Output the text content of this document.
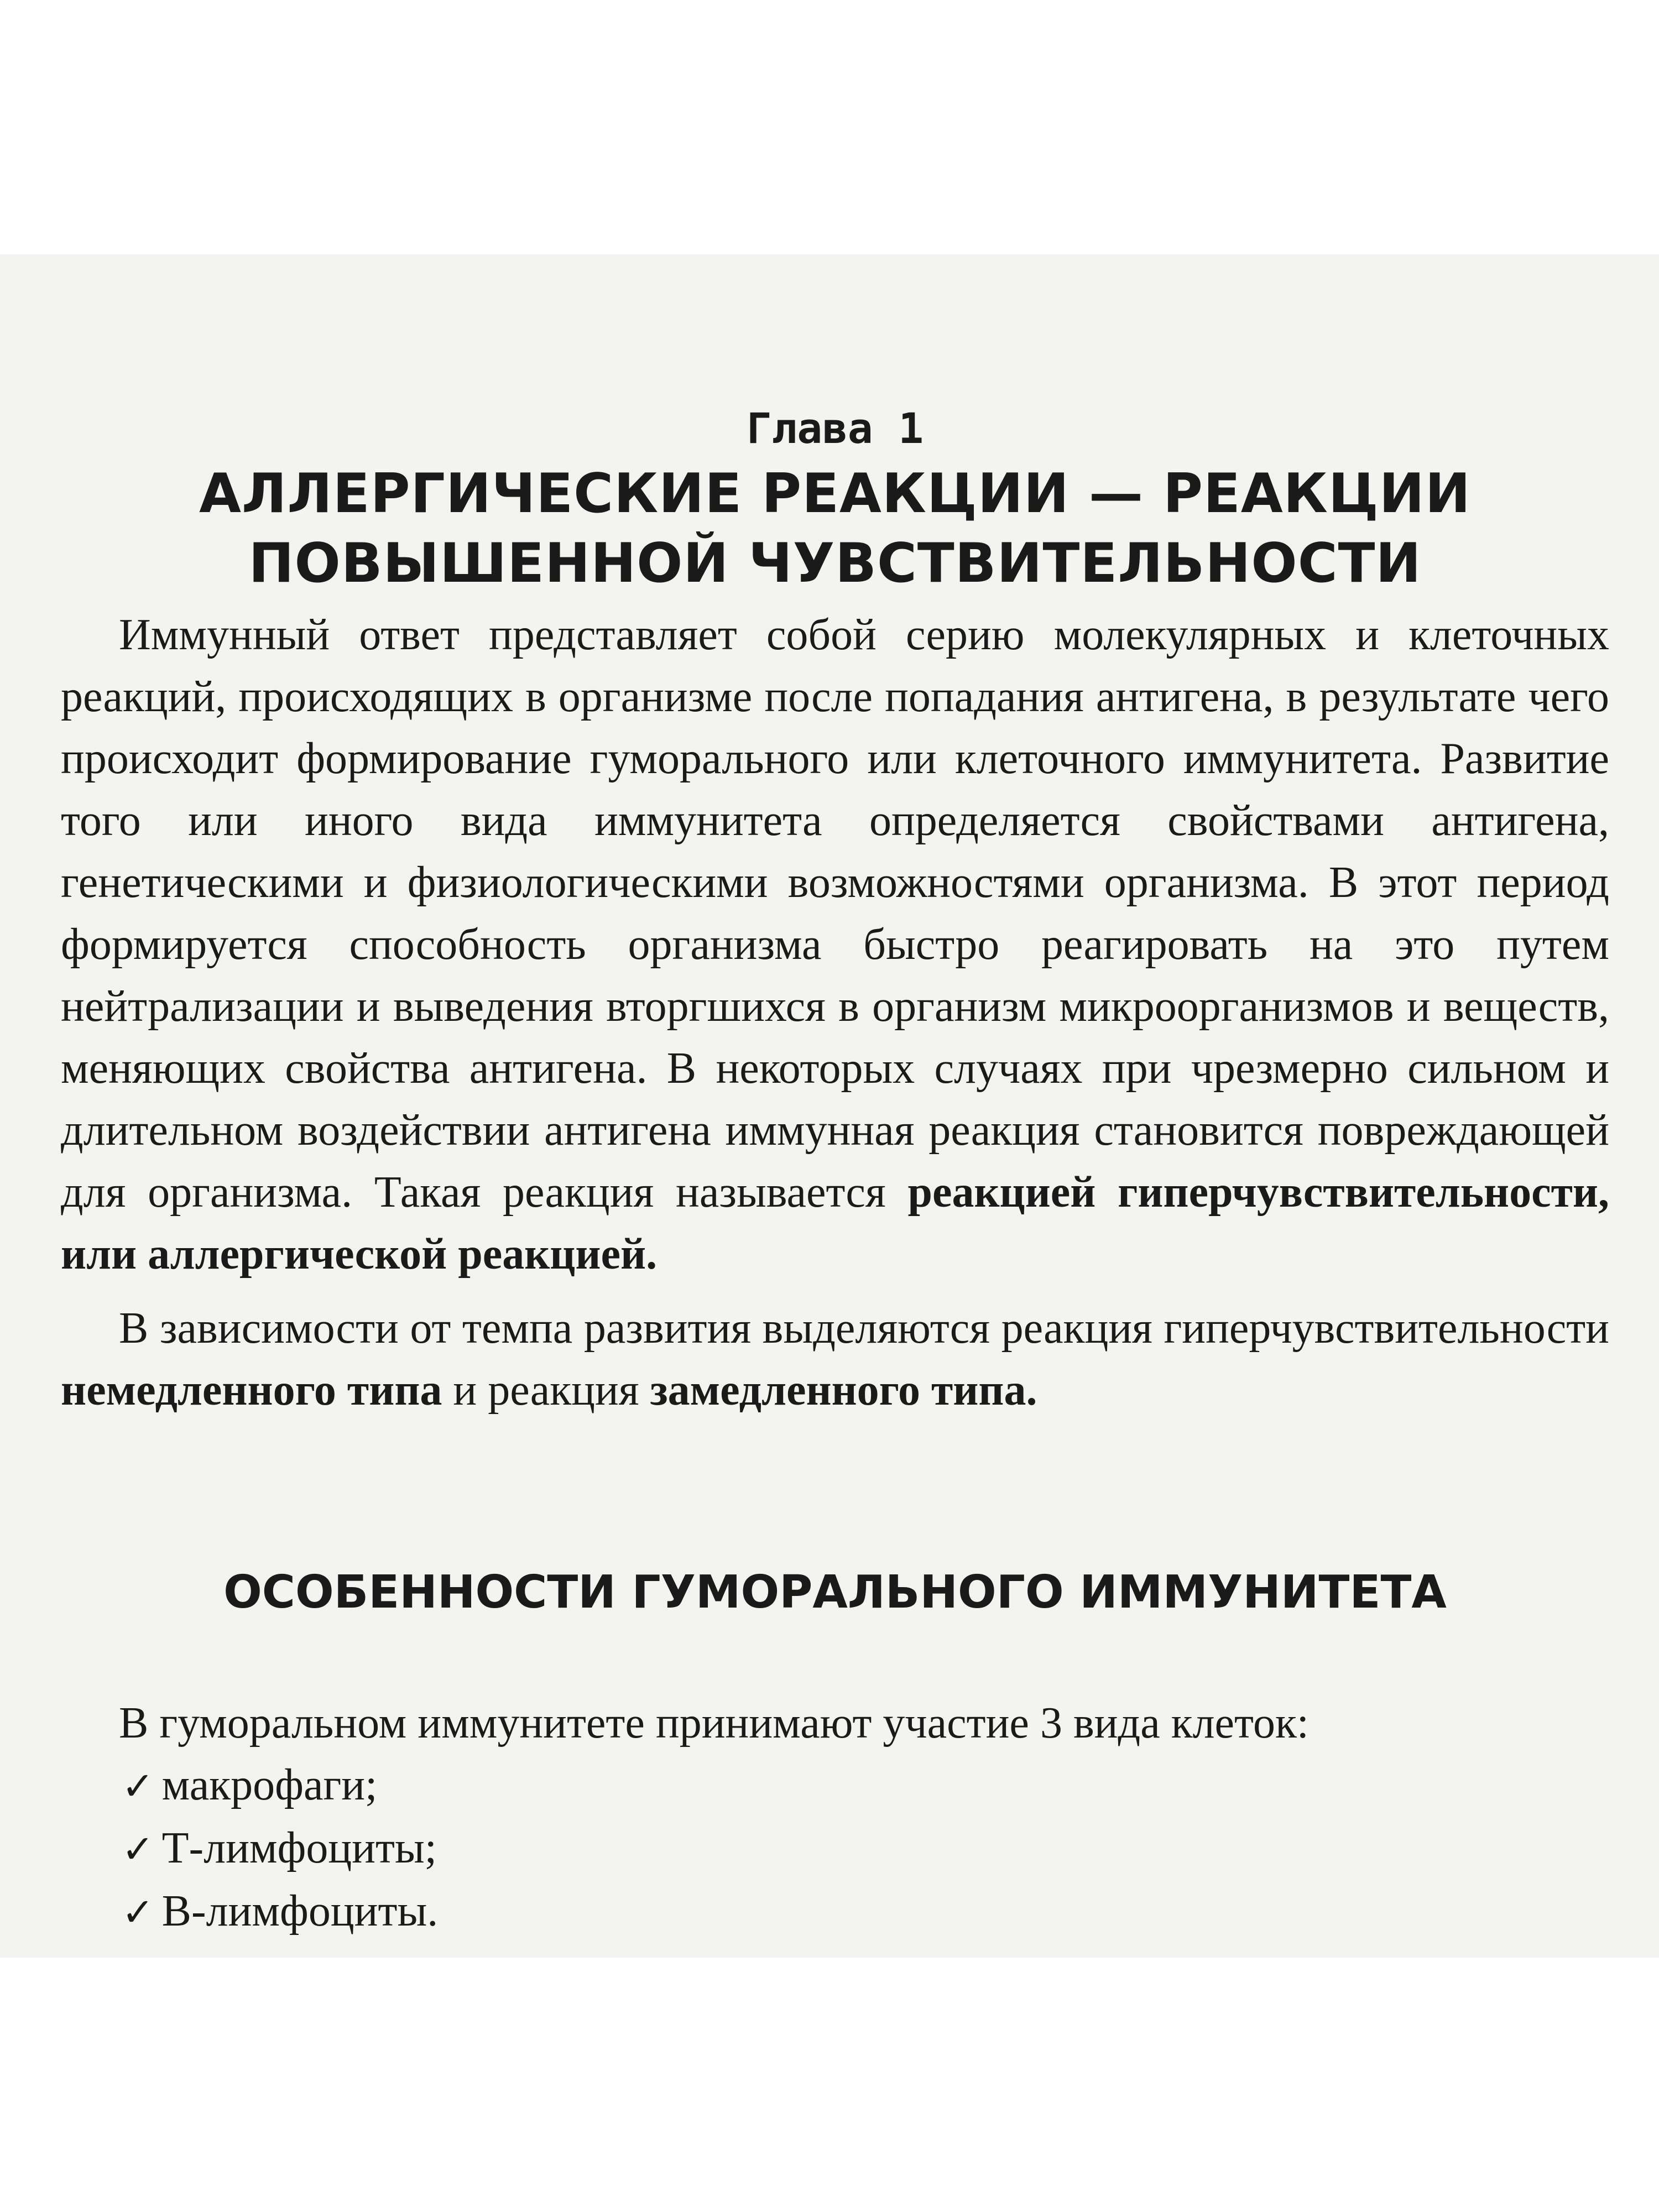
Глава 1
АЛЛЕРГИЧЕСКИЕ РЕАКЦИИ — РЕАКЦИИ
ПОВЫШЕННОЙ ЧУВСТВИТЕЛЬНОСТИ

Иммунный ответ представляет собой серию молекулярных и клеточных реакций, происходящих в организме после попадания антигена, в результате чего происходит формирование гуморального или клеточного иммунитета. Развитие того или иного вида иммунитета определяется свойствами антигена, генетическими и физиологическими возможностями организма. В этот период формируется способность организма быстро реагировать на это путем нейтрализации и выведения вторгшихся в организм микроорганизмов и веществ, меняющих свойства антигена. В некоторых случаях при чрезмерно сильном и длительном воздействии антигена иммунная реакция становится повреждающей для организма. Такая реакция называется реакцией гиперчувствительности, или аллергической реакцией.

В зависимости от темпа развития выделяются реакция гиперчувствительности немедленного типа и реакция замедленного типа.

ОСОБЕННОСТИ ГУМОРАЛЬНОГО ИММУНИТЕТА

В гуморальном иммунитете принимают участие 3 вида клеток:

✓ макрофаги;
✓ Т-лимфоциты;
✓ В-лимфоциты.
